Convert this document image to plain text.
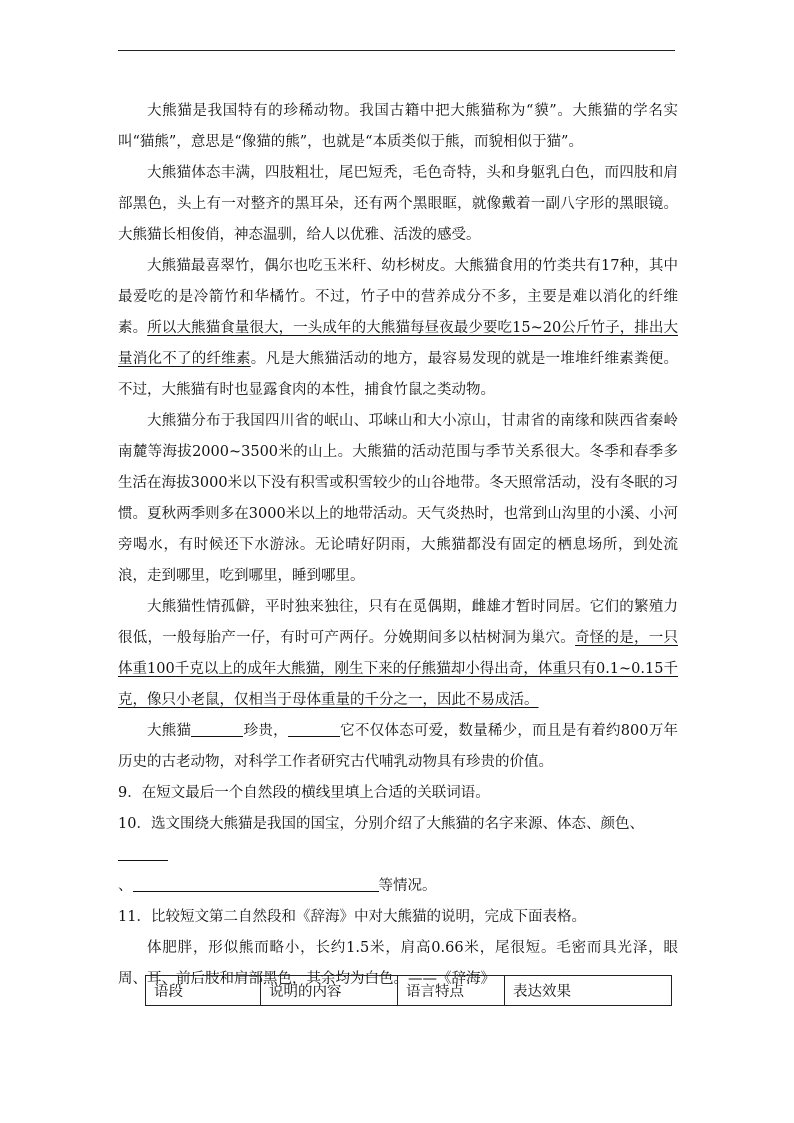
大熊猫是我国特有的珍稀动物。我国古籍中把大熊猫称为“貘”。大熊猫的学名实叫“猫熊”，意思是“像猫的熊”，也就是“本质类似于熊，而貌相似于猫”。

大熊猫体态丰满，四肢粗壮，尾巴短秃，毛色奇特，头和身躯乳白色，而四肢和肩部黑色，头上有一对整齐的黑耳朵，还有两个黑眼眶，就像戴着一副八字形的黑眼镜。大熊猫长相俊俏，神态温驯，给人以优雅、活泼的感受。

大熊猫最喜翠竹，偶尔也吃玉米秆、幼杉树皮。大熊猫食用的竹类共有17种，其中最爱吃的是冷箭竹和华橘竹。不过，竹子中的营养成分不多，主要是难以消化的纤维素。所以大熊猫食量很大，一头成年的大熊猫每昼夜最少要吃15~20公斤竹子，排出大量消化不了的纤维素。凡是大熊猫活动的地方，最容易发现的就是一堆堆纤维素粪便。不过，大熊猫有时也显露食肉的本性，捕食竹鼠之类动物。

大熊猫分布于我国四川省的岷山、邛崃山和大小凉山，甘肃省的南缘和陕西省秦岭南麓等海拔2000~3500米的山上。大熊猫的活动范围与季节关系很大。冬季和春季多生活在海拔3000米以下没有积雪或积雪较少的山谷地带。冬天照常活动，没有冬眠的习惯。夏秋两季则多在3000米以上的地带活动。天气炎热时，也常到山沟里的小溪、小河旁喝水，有时候还下水游泳。无论晴好阴雨，大熊猫都没有固定的栖息场所，到处流浪，走到哪里，吃到哪里，睡到哪里。

大熊猫性情孤僻，平时独来独往，只有在觅偶期，雌雄才暂时同居。它们的繁殖力很低，一般每胎产一仔，有时可产两仔。分娩期间多以枯树洞为巢穴。奇怪的是，一只体重100千克以上的成年大熊猫，刚生下来的仔熊猫却小得出奇，体重只有0.1~0.15千克，像只小老鼠，仅相当于母体重量的千分之一，因此不易成活。

大熊猫	珍贵，	它不仅体态可爱，数量稀少，而且是有着约800万年历史的古老动物，对科学工作者研究古代哺乳动物具有珍贵的价值。

9．在短文最后一个自然段的横线里填上合适的关联词语。

10．选文围绕大熊猫是我国的国宝，分别介绍了大熊猫的名字来源、体态、颜色、
、	等情况。

11．比较短文第二自然段和《辞海》中对大熊猫的说明，完成下面表格。

体肥胖，形似熊而略小，长约1.5米，肩高0.66米，尾很短。毛密而具光泽，眼周、耳、前后肢和肩部黑色，其余均为白色。——《辞海》

语段	说明的内容	语言特点	表达效果
